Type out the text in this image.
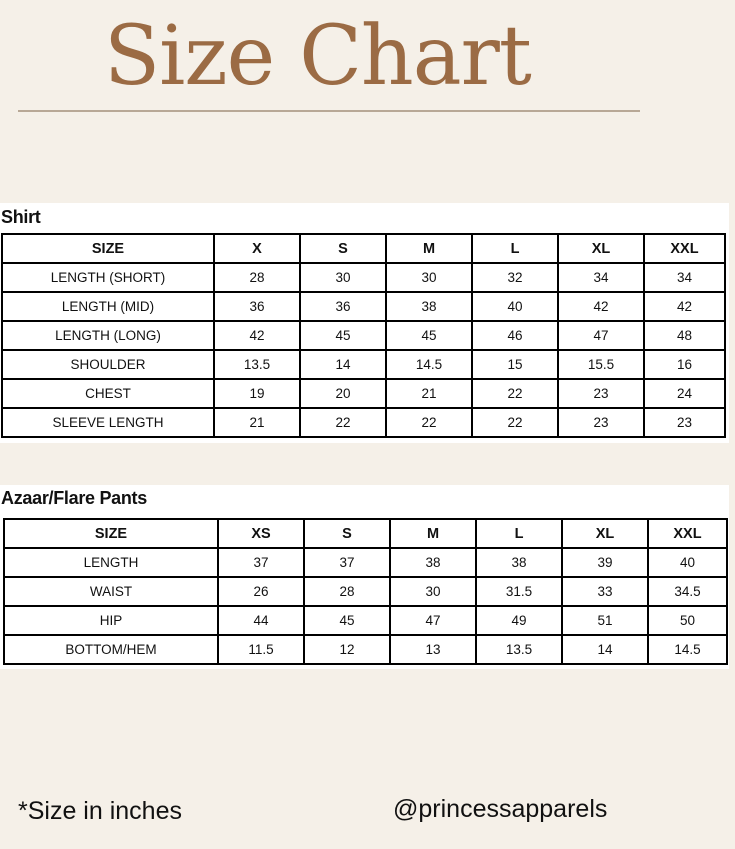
Size Chart
Shirt
SIZE	X	S	M	L	XL	XXL
LENGTH (SHORT)	28	30	30	32	34	34
LENGTH (MID)	36	36	38	40	42	42
LENGTH (LONG)	42	45	45	46	47	48
SHOULDER	13.5	14	14.5	15	15.5	16
CHEST	19	20	21	22	23	24
SLEEVE LENGTH	21	22	22	22	23	23
Azaar/Flare Pants
SIZE	XS	S	M	L	XL	XXL
LENGTH	37	37	38	38	39	40
WAIST	26	28	30	31.5	33	34.5
HIP	44	45	47	49	51	50
BOTTOM/HEM	11.5	12	13	13.5	14	14.5
*Size in inches	@princessapparels
